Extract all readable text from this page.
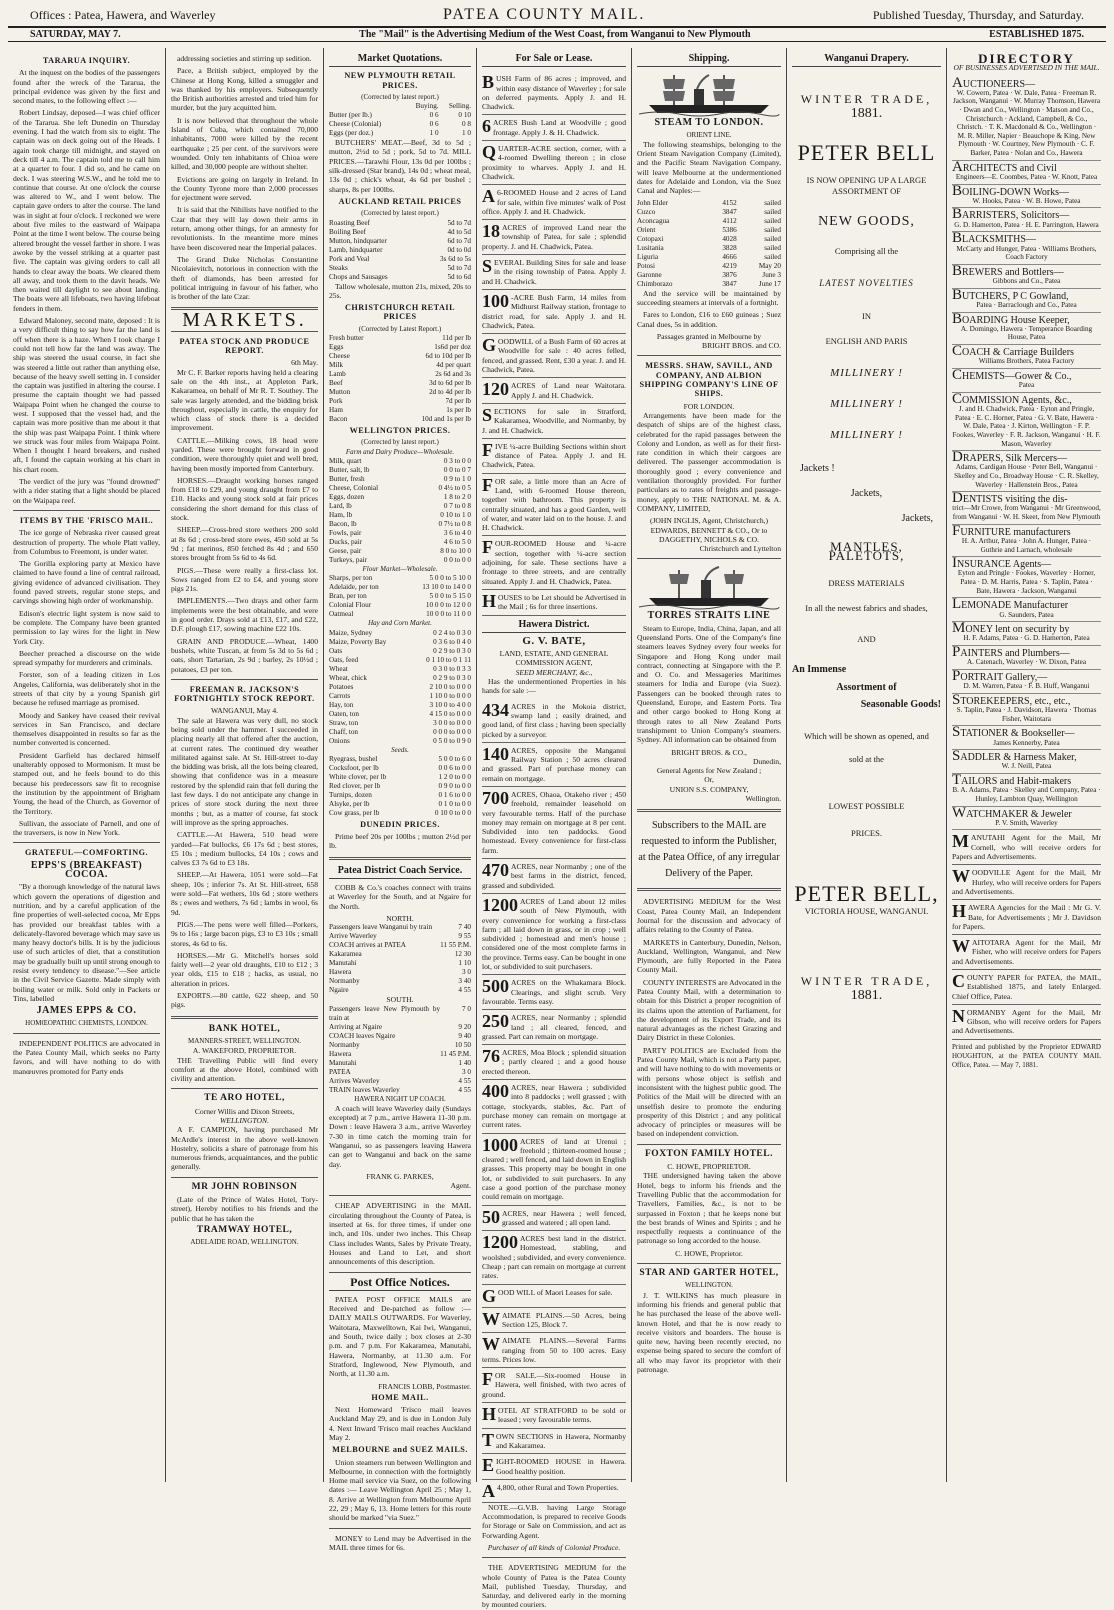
Offices : Patea, Hawera, and Waverley	PATEA COUNTY MAIL.	Published Tuesday, Thursday, and Saturday.
SATURDAY, MAY 7.	The "Mail" is the Advertising Medium of the West Coast, from Wanganui to New Plymouth	ESTABLISHED 1875.
TARARUA INQUIRY.

At the inquest on the bodies of the passengers found after the wreck of the Tararua, the principal evidence was given by the first and second mates, to the following effect :—

Robert Lindsay, deposed—I was chief officer of the Tararua. She left Dunedin on Thursday evening. I had the watch from six to eight. The captain was on deck going out of the Heads. I again took charge till midnight, and stayed on deck till 4 a.m. The captain told me to call him at a quarter to four. I did so, and he came on deck. I was steering W.S.W., and he told me to continue that course. At one o'clock the course was altered to W., and I went below. The captain gave orders to alter the course. The land was in sight at four o'clock. I reckoned we were about five miles to the eastward of Waipapa Point at the time I went below. The course being altered brought the vessel farther in shore. I was awoke by the vessel striking at a quarter past five. The captain was giving orders to call all hands to clear away the boats. We cleared them all away, and took them to the davit heads. We then waited till daylight to see about landing. The boats were all lifeboats, two having lifeboat fenders in them.

Edward Maloney, second mate, deposed : It is a very difficult thing to say how far the land is off when there is a haze. When I took charge I could not tell how far the land was away. The ship was steered the usual course, in fact she was steered a little out rather than anything else, because of the heavy swell setting in. I consider the captain was justified in altering the course. I presume the captain thought we had passed Waipapa Point when he changed the course to west. I supposed that the vessel had, and the captain was more positive than me about it that the ship was past Waipapa Point. I think where we struck was four miles from Waipapa Point. When I thought I heard breakers, and rushed aft, I found the captain working at his chart in his chart room.

The verdict of the jury was "found drowned" with a rider stating that a light should be placed on the Waipapa reef.

ITEMS BY THE 'FRISCO MAIL.

The ice gorge of Nebraska river caused great destruction of property. The whole Platt valley, from Columbus to Freemont, is under water.

The Gorilla exploring party at Mexico have claimed to have found a line of central railroad, giving evidence of advanced civilisation. They found paved streets, regular stone steps, and carvings showing high order of workmanship.

Edison's electric light system is now said to be complete. The Company have been granted permission to lay wires for the light in New York City.

Beecher preached a discourse on the wide spread sympathy for murderers and criminals.

Forster, son of a leading citizen in Los Angeles, California, was deliberately shot in the streets of that city by a young Spanish girl because he refused marriage as promised.

Moody and Sankey have ceased their revival services in San Francisco, and declare themselves disappointed in results so far as the number converted is concerned.

President Garfield has declared himself unalterably opposed to Mormonism. It must be stamped out, and he feels bound to do this because his predecessors saw fit to recognise the institution by the appointment of Brigham Young, the head of the Church, as Governor of the Territory.

Sullivan, the associate of Parnell, and one of the traversers, is now in New York.

GRATEFUL—COMFORTING.
EPPS'S (BREAKFAST) COCOA.

"By a thorough knowledge of the natural laws which govern the operations of digestion and nutrition, and by a careful application of the fine properties of well-selected cocoa, Mr Epps has provided our breakfast tables with a delicately-flavored beverage which may save us many heavy doctor's bills. It is by the judicious use of such articles of diet, that a constitution may be gradually built up until strong enough to resist every tendency to disease."—See article in the Civil Service Gazette. Made simply with boiling water or milk. Sold only in Packets or Tins, labelled

JAMES EPPS & CO.
HOMŒOPATHIC CHEMISTS, LONDON.

INDEPENDENT POLITICS are advocated in the Patea County Mail, which seeks no Party favors, and will have nothing to do with manœuvres promoted for Party ends

addressing societies and stirring up sedition.

Pace, a British subject, employed by the Chinese at Hong Kong, killed a smuggler and was thanked by his employers. Subsequently the British authorities arrested and tried him for murder, but the jury acquitted him.

It is now believed that throughout the whole Island of Cuba, which contained 70,000 inhabitants, 7000 were killed by the recent earthquake ; 25 per cent. of the survivors were wounded. Only ten inhabitants of Chioa were killed, and 30,000 people are without shelter.

Evictions are going on largely in Ireland. In the County Tyrone more than 2,000 processes for ejectment were served.

It is said that the Nihilists have notified to the Czar that they will lay down their arms in return, among other things, for an amnesty for revolutionists. In the meantime more mines have been discovered near the Imperial palaces.

The Grand Duke Nicholas Constantine Nicolaievitch, notorious in connection with the theft of diamonds, has been arrested for political intriguing in favour of his father, who is brother of the late Czar.

MARKETS.
PATEA STOCK AND PRODUCE REPORT.
6th May.

Mr C. F. Barker reports having held a clearing sale on the 4th inst., at Appleton Park, Kakaramea, on behalf of Mr R. T. Southey. The sale was largely attended, and the bidding brisk throughout, especially in cattle, the enquiry for which class of stock there is a decided improvement.

CATTLE.—Milking cows, 18 head were yarded. These were brought forward in good condition, were thoroughly quiet and well bred, having been mostly imported from Canterbury.

HORSES.—Draught working horses ranged from £18 to £29, and young draught from £7 to £10. Hacks and young stock sold at fair prices considering the short demand for this class of stock.

SHEEP.—Cross-bred store wethers 200 sold at 8s 6d ; cross-bred store ewes, 450 sold at 5s 9d ; fat merinos, 850 fetched 8s 4d ; and 650 stores brought from 5s 6d to 4s 6d.

PIGS.—These were really a first-class lot. Sows ranged from £2 to £4, and young store pigs 21s.

IMPLEMENTS.—Two drays and other farm implements were the best obtainable, and were in good order. Drays sold at £13, £17, and £22, D.F. plough £17, sowing machine £22 10s.

GRAIN AND PRODUCE.—Wheat, 1400 bushels, white Tuscan, at from 5s 3d to 5s 6d ; oats, short Tartarian, 2s 9d ; barley, 2s 10½d ; potatoes, £3 per ton.

FREEMAN R. JACKSON'S FORTNIGHTLY STOCK REPORT.
WANGANUI, May 4.

The sale at Hawera was very dull, no stock being sold under the hammer. I succeeded in placing nearly all that offered after the auction, at current rates. The continued dry weather militated against sale. At St. Hill-street to-day the bidding was brisk, all the lots being cleared, showing that confidence was in a measure restored by the splendid rain that fell during the last few days. I do not anticipate any change in prices of store stock during the next three months ; but, as a matter of course, fat stock will improve as the spring approaches.

CATTLE.—At Hawera, 510 head were yarded—Fat bullocks, £6 17s 6d ; best stores, £5 10s ; medium bullocks, £4 10s ; cows and calves £3 7s 6d to £3 18s.

SHEEP.—At Hawera, 1051 were sold—Fat sheep, 10s ; inferior 7s. At St. Hill-street, 658 were sold—Fat wethers, 10s 6d ; store wethers 8s ; ewes and wethers, 7s 6d ; lambs in wool, 6s 9d.

PIGS.—The pens were well filled—Porkers, 9s to 16s ; large bacon pigs, £3 to £3 10s ; small stores, 4s 6d to 6s.

HORSES.—Mr G. Mitchell's horses sold fairly well—2 year old draughts, £10 to £12 ; 3 year olds, £15 to £18 ; hacks, as usual, no alteration in prices.

EXPORTS.—80 cattle, 622 sheep, and 50 pigs.

BANK HOTEL,
MANNERS-STREET, WELLINGTON.
A. WAKEFORD, PROPRIETOR.

THE Travelling Public will find every comfort at the above Hotel, combined with civility and attention.

TE ARO HOTEL,
Corner Willis and Dixon Streets,
WELLINGTON.

A F. CAMPION, having purchased Mr McArdle's interest in the above well-known Hostelry, solicits a share of patronage from his numerous friends, acquaintances, and the public generally.

MR JOHN ROBINSON

(Late of the Prince of Wales Hotel, Tory-street), Hereby notifies to his friends and the public that he has taken the

TRAMWAY HOTEL,
ADELAIDE ROAD, WELLINGTON.
Market Quotations.
NEW PLYMOUTH RETAIL PRICES.
(Corrected by latest report.)
	Buying.	Selling.
Butter (per lb.)	0 6	0 10
Cheese (Colonial)	0 6	0 8
Eggs (per doz.)	1 0	1 0

BUTCHERS' MEAT.—Beef, 3d to 5d ; mutton, 2½d to 5d ; pork, 5d to 7d. MILL PRICES.—Tarawhi Flour, 13s 0d per 100lbs ; silk-dressed (Star brand), 14s 0d ; wheat meal, 13s 0d ; chick's wheat, 4s 6d per bushel ; sharps, 8s per 100lbs.

AUCKLAND RETAIL PRICES
(Corrected by latest report.)
Roasting Beef	5d to 7d
Boiling Beef	4d to 5d
Mutton, hindquarter	6d to 7d
Lamb, hindquarter	0d to 0d
Pork and Veal	3s 6d to 5s
Steaks	5d to 7d
Chops and Sausages	5d to 6d

Tallow wholesale, mutton 21s, mixed, 20s to 25s.

CHRISTCHURCH RETAIL PRICES
(Corrected by Latest Report.)
Fresh butter	11d per lb
Eggs	1s6d per doz
Cheese	6d to 10d per lb
Milk	4d per quart
Lamb	2s 6d and 3s
Beef	3d to 6d per lb
Mutton	2d to 4d per lb
Pork	7d per lb
Ham	1s per lb
Bacon	10d and 1s per lb
WELLINGTON PRICES.
(Corrected by latest report.)
Farm and Dairy Produce—Wholesale.
Milk, quart	0 3 to 0 0
Butter, salt, lb	0 0 to 0 7
Butter, fresh	0 9 to 1 0
Cheese, Colonial	0 4½ to 0 5
Eggs, dozen	1 8 to 2 0
Lard, lb	0 7 to 0 8
Ham, lb	0 10 to 1 0
Bacon, lb	0 7½ to 0 8
Fowls, pair	3 6 to 4 0
Ducks, pair	4 6 to 5 0
Geese, pair	8 0 to 10 0
Turkeys, pair	0 0 to 0 0
Flour Market—Wholesale.
Sharps, per ton	5 0 0 to 5 10 0
Adelaide, per ton	13 10 0 to 14 0 0
Bran, per ton	5 0 0 to 5 15 0
Colonial Flour	10 0 0 to 12 0 0
Oatmeal	10 0 0 to 11 0 0
Hay and Corn Market.
Maize, Sydney	0 2 4 to 0 3 0
Maize, Poverty Bay	0 3 6 to 0 4 0
Oats	0 2 9 to 0 3 0
Oats, feed	0 1 10 to 0 1 11
Wheat	0 3 0 to 0 3 3
Wheat, chick	0 2 9 to 0 3 0
Potatoes	2 10 0 to 0 0 0
Carrots	1 10 0 to 0 0 0
Hay, ton	3 10 0 to 4 0 0
Oaten, ton	4 15 0 to 0 0 0
Straw, ton	3 0 0 to 0 0 0
Chaff, ton	0 0 0 to 0 0 0
Onions	0 5 0 to 0 9 0
Seeds.
Ryegrass, bushel	5 0 0 to 6 0
Cocksfoot, per lb	0 0 6 to 0 0
White clover, per lb	1 2 0 to 0 0
Red clover, per lb	0 9 0 to 0 0
Turnips, dozen	0 1 6 to 0 0
Alsyke, per lb	0 1 0 to 0 0
Cow grass, per lb	0 10 0 to 0 0
DUNEDIN PRICES.

Prime beef 20s per 100lbs ; mutton 2½d per lb.

Patea District Coach Service.

COBB & Co.'s coaches connect with trains at Waverley for the South, and at Ngaire for the North.

NORTH.
Passengers leave Wanganui by train	7 40
Arrive Waverley	9 55
COACH arrives at PATEA	11 55 P.M.
Kakaramea	12 30
Manutahi	1 10
Hawera	3 0
Normanby	3 40
Ngaire	4 55
SOUTH.
Passengers leave New Plymouth by train at	7 0
Arriving at Ngaire	9 20
COACH leaves Ngaire	9 40
Normanby	10 50
Hawera	11 45 P.M.
Manutahi	1 40
PATEA	3 0
Arrives Waverley	4 55
TRAIN leaves Waverley	4 55
HAWERA NIGHT UP COACH.

A coach will leave Waverley daily (Sundays excepted) at 7 p.m., arrive Hawera 11-30 p.m. Down : leave Hawera 3 a.m., arrive Waverley 7-30 in time catch the morning train for Wanganui, so as passengers leaving Hawera can get to Wanganui and back on the same day.

FRANK G. PARKES,
Agent.

CHEAP ADVERTISING in the MAIL circulating throughout the County of Patea, is inserted at 6s. for three times, if under one inch, and 10s. under two inches. This Cheap Class includes Wants, Sales by Private Treaty, Houses and Land to Let, and short announcements of this description.

Post Office Notices.

PATEA POST OFFICE MAILS are Received and De-patched as follow :— DAILY MAILS OUTWARDS. For Waverley, Waitotara, Maxwelltown, Kai Iwi, Wanganui, and South, twice daily ; box closes at 2-30 p.m. and 7 p.m. For Kakaramea, Manutahi, Hawera, Normanby, at 11.30 a.m. For Stratford, Inglewood, New Plymouth, and North, at 11.30 a.m.

FRANCIS LOBB, Postmaster.
HOME MAIL.

Next Homeward 'Frisco mail leaves Auckland May 29, and is due in London July 4. Next Inward 'Frisco mail reaches Auckland May 2.

MELBOURNE and SUEZ MAILS.

Union steamers run between Wellington and Melbourne, in connection with the fortnightly Home mail service via Suez, on the following dates :— Leave Wellington April 25 ; May 1, 8. Arrive at Wellington from Melbourne April 22, 29 ; May 6, 13. Home letters for this route should be marked "via Suez."

MONEY to Lend may be Advertised in the MAIL three times for 6s.

For Sale or Lease.
BUSH Farm of 86 acres ; improved, and within easy distance of Waverley ; for sale on deferred payments. Apply J. and H. Chadwick.
6 ACRES Bush Land at Woodville ; good frontage. Apply J. & H. Chadwick.
QUARTER-ACRE section, corner, with a 4-roomed Dwelling thereon ; in close proximity to wharves. Apply J. and H. Chadwick.
A 6-ROOMED House and 2 acres of Land for sale, within five minutes' walk of Post office. Apply J. and H. Chadwick.
18 ACRES of improved Land near the township of Patea, for sale ; splendid property. J. and H. Chadwick, Patea.
SEVERAL Building Sites for sale and lease in the rising township of Patea. Apply J. and H. Chadwick.
100 -ACRE Bush Farm, 14 miles from Midhurst Railway station, frontage to district road, for sale. Apply J. and H. Chadwick, Patea.
GOODWILL of a Bush Farm of 60 acres at Woodville for sale : 40 acres felled, fenced, and grassed. Rent, £30 a year. J. and H. Chadwick, Patea.
120 ACRES of Land near Waitotara. Apply J. and H. Chadwick.
SECTIONS for sale in Stratford, Kakaramea, Woodville, and Normanby, by J. and H. Chadwick.
FIVE ¼-acre Building Sections within short distance of Patea. Apply J. and H. Chadwick, Patea.
FOR sale, a little more than an Acre of Land, with 6-roomed House thereon, together with bathroom. This property is centrally situated, and has a good Garden, well of water, and water laid on to the house. J. and H. Chadwick.
FOUR-ROOMED House and ¼-acre section, together with ¼-acre section adjoining, for sale. These sections have a frontage to three streets, and are centrally situated. Apply J. and H. Chadwick, Patea.
HOUSES to be Let should be Advertised in the Mail ; 6s for three insertions.
Hawera District.
G. V. BATE,
LAND, ESTATE, AND GENERAL COMMISSION AGENT,
SEED MERCHANT, &c.,

Has the undermentioned Properties in his hands for sale :—

434 ACRES in the Mokoia district, swamp land ; easily drained, and good land, of first class ; having been specially picked by a surveyor.
140 ACRES, opposite the Manganui Railway Station ; 50 acres cleared and grassed. Part of purchase money can remain on mortgage.
700 ACRES, Ohaoa, Otakeho river ; 450 freehold, remainder leasehold on very favourable terms. Half of the purchase money may remain on mortgage at 8 per cent. Subdivided into ten paddocks. Good homestead. Every convenience for first-class farm.
470 ACRES, near Normanby ; one of the best farms in the district, fenced, grassed and subdivided.
1200 ACRES of Land about 12 miles south of New Plymouth, with every convenience for working a first-class farm ; all laid down in grass, or in crop ; well subdivided ; homestead and men's house ; considered one of the most complete farms in the province. Terms easy. Can be bought in one lot, or subdivided to suit purchasers.
500 ACRES on the Whakamara Block. Clearings, and slight scrub. Very favourable. Terms easy.
250 ACRES, near Normanby ; splendid land ; all cleared, fenced, and grassed. Part can remain on mortgage.
76 ACRES, Moa Block ; splendid situation ; partly cleared ; and a good house erected thereon.
400 ACRES, near Hawera ; subdivided into 8 paddocks ; well grassed ; with cottage, stockyards, stables, &c. Part of purchase money can remain on mortgage at current rates.
1000 ACRES of land at Urenui ; freehold ; thirteen-roomed house ; cleared ; well fenced, and laid down in English grasses. This property may be bought in one lot, or subdivided to suit purchasers. In any case a good portion of the purchase money could remain on mortgage.
50 ACRES, near Hawera ; well fenced, grassed and watered ; all open land.
1200 ACRES best land in the district. Homestead, stabling, and woolshed ; subdivided, and every convenience. Cheap ; part can remain on mortgage at current rates.
GOOD WILL of Maori Leases for sale.
WAIMATE PLAINS.—50 Acres, being Section 125, Block 7.
WAIMATE PLAINS.—Several Farms ranging from 50 to 100 acres. Easy terms. Prices low.
FOR SALE.—Six-roomed House in Hawera, well finished, with two acres of ground.
HOTEL AT STRATFORD to be sold or leased ; very favourable terms.
TOWN SECTIONS in Hawera, Normanby and Kakaramea.
EIGHT-ROOMED HOUSE in Hawera. Good healthy position.
A 4,800, other Rural and Town Properties.

NOTE.—G.V.B. having Large Storage Accommodation, is prepared to receive Goods for Storage or Sale on Commission, and act as Forwarding Agent.

Purchaser of all kinds of Colonial Produce.

THE ADVERTISING MEDIUM for the whole County of Patea is the Patea County Mail, published Tuesday, Thursday, and Saturday, and delivered early in the morning by mounted couriers.

Shipping.
STEAM TO LONDON.
ORIENT LINE.

The following steamships, belonging to the Orient Steam Navigation Company (Limited), and the Pacific Steam Navigation Company, will leave Melbourne at the undermentioned dates for Adelaide and London, via the Suez Canal and Naples:—

John Elder	4152	sailed
Cuzco	3847	sailed
Aconcagua	4112	sailed
Orient	5386	sailed
Cotopaxi	4028	sailed
Lusitania	3828	sailed
Liguria	4666	sailed
Potosi	4219	May 20
Garonne	3876	June 3
Chimborazo	3847	June 17

And the service will be maintained by succeeding steamers at intervals of a fortnight.

Fares to London, £16 to £60 guineas ; Suez Canal dues, 5s in addition.

Passages granted in Melbourne by
BRIGHT BROS. and CO.
MESSRS. SHAW, SAVILL, AND COMPANY, AND ALBION SHIPPING COMPANY'S LINE OF SHIPS.
FOR LONDON.

Arrangements have been made for the despatch of ships are of the highest class, celebrated for the rapid passages between the Colony and London, as well as for their first-rate condition in which their cargoes are delivered. The passenger accommodation is thoroughly good ; every convenience and ventilation thoroughly provided. For further particulars as to rates of freights and passage-money, apply to THE NATIONAL M. & A. COMPANY, LIMITED,

(JOHN INGLIS, Agent, Christchurch,) EDWARDS, BENNETT & CO., Or to DAGGETHY, NICHOLS & CO.
Christchurch and Lyttelton
TORRES STRAITS LINE

Steam to Europe, India, China, Japan, and all Queensland Ports. One of the Company's fine steamers leaves Sydney every four weeks for Singapore and Hong Kong under mail contract, connecting at Singapore with the P. and O. Co. and Messageries Maritimes steamers for India and Europe (via Suez). Passengers can be booked through rates to Queensland, Europe, and Eastern Ports. Tea and other cargo booked to Hong Kong at through rates to all New Zealand Ports transhipment to Union Company's steamers. Sydney. All information can be obtained from

BRIGHT BROS. & CO.,
Dunedin,
General Agents for New Zealand ;
Or,
UNION S.S. COMPANY,
Wellington.

Subscribers to the MAIL are requested to inform the Publisher, at the Patea Office, of any irregular Delivery of the Paper.

ADVERTISING MEDIUM for the West Coast, Patea County Mail, an Independent Journal for the discussion and advocacy of affairs relating to the County of Patea.

MARKETS in Canterbury, Dunedin, Nelson, Auckland, Wellington, Wanganui, and New Plymouth, are fully Reported in the Patea County Mail.

COUNTY INTERESTS are Advocated in the Patea County Mail, with a determination to obtain for this District a proper recognition of its claims upon the attention of Parliament, for the development of its Export Trade, and its natural advantages as the richest Grazing and Dairy District in these Colonies.

PARTY POLITICS are Excluded from the Patea County Mail, which is not a Party paper, and will have nothing to do with movements or with persons whose object is selfish and inconsistent with the highest public good. The Politics of the Mail will be directed with an unselfish desire to promote the enduring prosperity of this District ; and any political advocacy of principles or measures will be based on independent conviction.

FOXTON FAMILY HOTEL.
C. HOWE, PROPRIETOR.

THE undersigned having taken the above Hotel, begs to inform his friends and the Travelling Public that the accommodation for Travellers, Families, &c., is not to be surpassed in Foxton ; that he keeps none but the best brands of Wines and Spirits ; and he respectfully requests a continuance of the patronage so long accorded to the house.

C. HOWE, Proprietor.
STAR AND GARTER HOTEL,
WELLINGTON.

J. T. WILKINS has much pleasure in informing his friends and general public that he has purchased the lease of the above well-known Hotel, and that he is now ready to receive visitors and boarders. The house is quite new, having been recently erected, no expense being spared to secure the comfort of all who may favor its proprietor with their patronage.

Wanganui Drapery.
WINTER TRADE,
1881.
PETER BELL
IS NOW OPENING UP A LARGE ASSORTMENT OF
NEW GOODS,
Comprising all the
LATEST NOVELTIES
IN
ENGLISH AND PARIS
MILLINERY !
MILLINERY !
MILLINERY !
Jackets !
Jackets,
Jackets,
MANTLES, PALETOTS,
DRESS MATERIALS
In all the newest fabrics and shades,
AND
An Immense
Assortment of
Seasonable Goods!
Which will be shown as opened, and
sold at the
LOWEST POSSIBLE
PRICES.
PETER BELL,
VICTORIA HOUSE, WANGANUI.
WINTER TRADE,
1881.
DIRECTORY
OF BUSINESSES ADVERTISED IN THE MAIL.
AUCTIONEERS—
W. Cowern, Patea · W. Dale, Patea · Freeman R. Jackson, Wanganui · W. Murray Thomson, Hawera · Dwan and Co., Wellington · Matson and Co., Christchurch · Ackland, Campbell, & Co., Christch. · T. K. Macdonald & Co., Wellington · M. R. Miller, Napier · Beauchope & King, New Plymouth · W. Courtney, New Plymouth · C. F. Barker, Patea · Nolan and Co., Hawera
ARCHITECTS and Civil
Engineers—E. Coombes, Patea · W. Knott, Patea
BOILING-DOWN Works—
W. Hooks, Patea · W. B. Howe, Patea
BARRISTERS, Solicitors—
G. D. Hamerton, Patea · H. E. Parrington, Hawera
BLACKSMITHS—
McCarty and Hunger, Patea · Williams Brothers, Coach Factory
BREWERS and Bottlers—
Gibbons and Co., Patea
BUTCHERS, P C Gowland,
Patea · Barraclough and Co., Patea
BOARDING House Keeper,
A. Domingo, Hawera · Temperance Boarding House, Patea
COACH & Carriage Builders
Williams Brothers, Patea Factory
CHEMISTS—Gower & Co.,
Patea
COMMISSION Agents, &c.,
J. and H. Chadwick, Patea · Eyton and Pringle, Patea · E. C. Horner, Patea · G. V. Bate, Hawera · W. Dale, Patea · J. Kirton, Wellington · F. P. Fookes, Waverley · F. R. Jackson, Wanganui · H. F. Mason, Waverley
DRAPERS, Silk Mercers—
Adams, Cardigan House · Peter Bell, Wanganui · Skelley and Co., Broadway House · C. R. Skelley, Waverley · Hallenstein Bros., Patea
DENTISTS visiting the dis-
trict—Mr Crowe, from Wanganui · Mr Greenwood, from Wanganui · W. H. Skeet, from New Plymouth
FURNITURE manufacturers
H. A. Arthur, Patea · John A. Hunger, Patea · Guthrie and Larnach, wholesale
INSURANCE Agents—
Eyton and Pringle · Fookes, Waverley · Horner, Patea · D. M. Harris, Patea · S. Taplin, Patea · Bate, Hawera · Jackson, Wanganui
LEMONADE Manufacturer
G. Saunders, Patea
MONEY lent on security by
H. F. Adams, Patea · G. D. Hamerton, Patea
PAINTERS and Plumbers—
A. Catenach, Waverley · W. Dixon, Patea
PORTRAIT Gallery,—
D. M. Warren, Patea · F. B. Huff, Wanganui
STOREKEEPERS, etc., etc.,
S. Taplin, Patea · J. Davidson, Hawera · Thomas Fisher, Waitotara
STATIONER & Bookseller—
James Kennerby, Patea
SADDLER & Harness Maker,
W. J. Neill, Patea
TAILORS and Habit-makers
B. A. Adams, Patea · Skelley and Company, Patea · Hunley, Lambton Quay, Wellington
WATCHMAKER & Jeweler
P. V. Smith, Waverley
MANUTAHI Agent for the Mail, Mr Cornell, who will receive orders for Papers and Advertisements.
WOODVILLE Agent for the Mail, Mr Hurley, who will receive orders for Papers and Advertisements.
HAWERA Agencies for the Mail : Mr G. V. Bate, for Advertisements ; Mr J. Davidson for Papers.
WAITOTARA Agent for the Mail, Mr Fisher, who will receive orders for Papers and Advertisements.
COUNTY PAPER for PATEA, the MAIL, Established 1875, and lately Enlarged. Chief Office, Patea.
NORMANBY Agent for the Mail, Mr Gibson, who will receive orders for Papers and Advertisements.

Printed and published by the Proprietor EDWARD HOUGHTON, at the PATEA COUNTY MAIL Office, Patea. — May 7, 1881.
